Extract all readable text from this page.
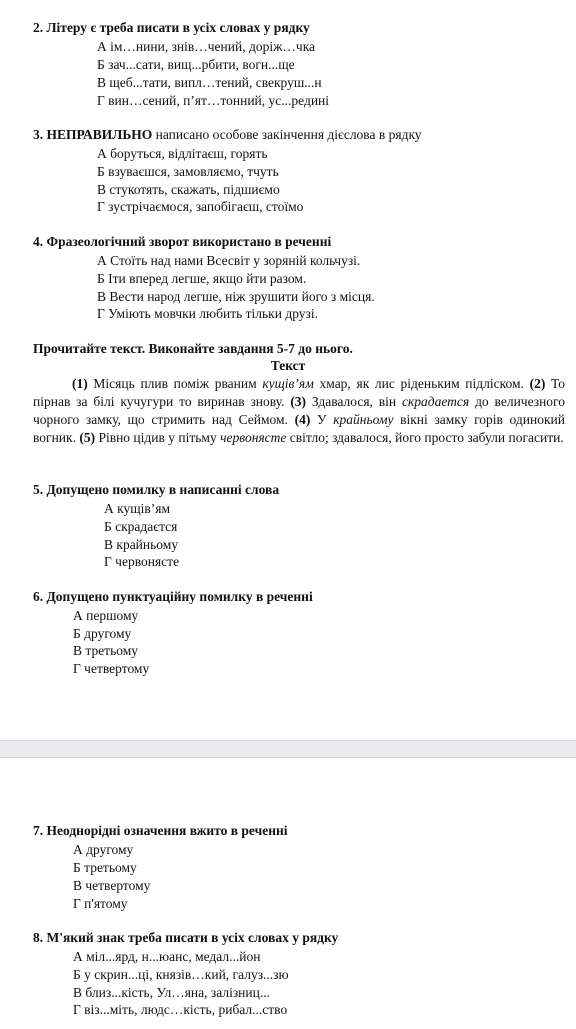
2. Літеру є треба писати в усіх словах у рядку
А ім…нини, знів…чений, доріж…чка
Б зач...сати, вищ...рбити, вогн...ще
В щеб...тати, випл…тений, свекруш...н
Г вин…сений, п’ят…тонний, ус...редині
3. НЕПРАВИЛЬНО написано особове закінчення дієслова в рядку
А боруться, відлітаєш, горять
Б взуваєшся, замовляємо, тчуть
В стукотять, скажать, підшиємо
Г зустрічаємося, запобігаєш, стоїмо
4. Фразеологічний зворот використано в реченні
А Стоїть над нами Всесвіт у зоряній кольчузі.
Б Іти вперед легше, якщо йти разом.
В Вести народ легше, ніж зрушити його з місця.
Г Уміють мовчки любить тільки друзі.
Прочитайте текст. Виконайте завдання 5-7 до нього.
Текст
(1) Місяць плив поміж рваним кущів’ям хмар, як лис ріденьким підліском. (2) То пірнав за білі кучугури то виринав знову. (3) Здавалося, він скрадается до величезного чорного замку, що стримить над Сеймом. (4) У крайньому вікні замку горів одинокий вогник. (5) Рівно цідив у пітьму червоняcте світло; здавалося, його просто забули погасити.
5. Допущено помилку в написанні слова
А кущів’ям
Б скрадаєтся
В крайньому
Г червоняcте
6. Допущено пунктуаційну помилку в реченні
А першому
Б другому
В третьому
Г четвертому
7. Неоднорідні означення вжито в реченні
А другому
Б третьому
В четвертому
Г п'ятому
8. М'який знак треба писати в усіх словах у рядку
А міл...ярд, н...юанс, медал...йон
Б у скрин...ці, князів…кий, галуз...зю
В близ...кість, Ул…яна, залізниц...
Г віз...міть, людс…кість, рибал...ство
